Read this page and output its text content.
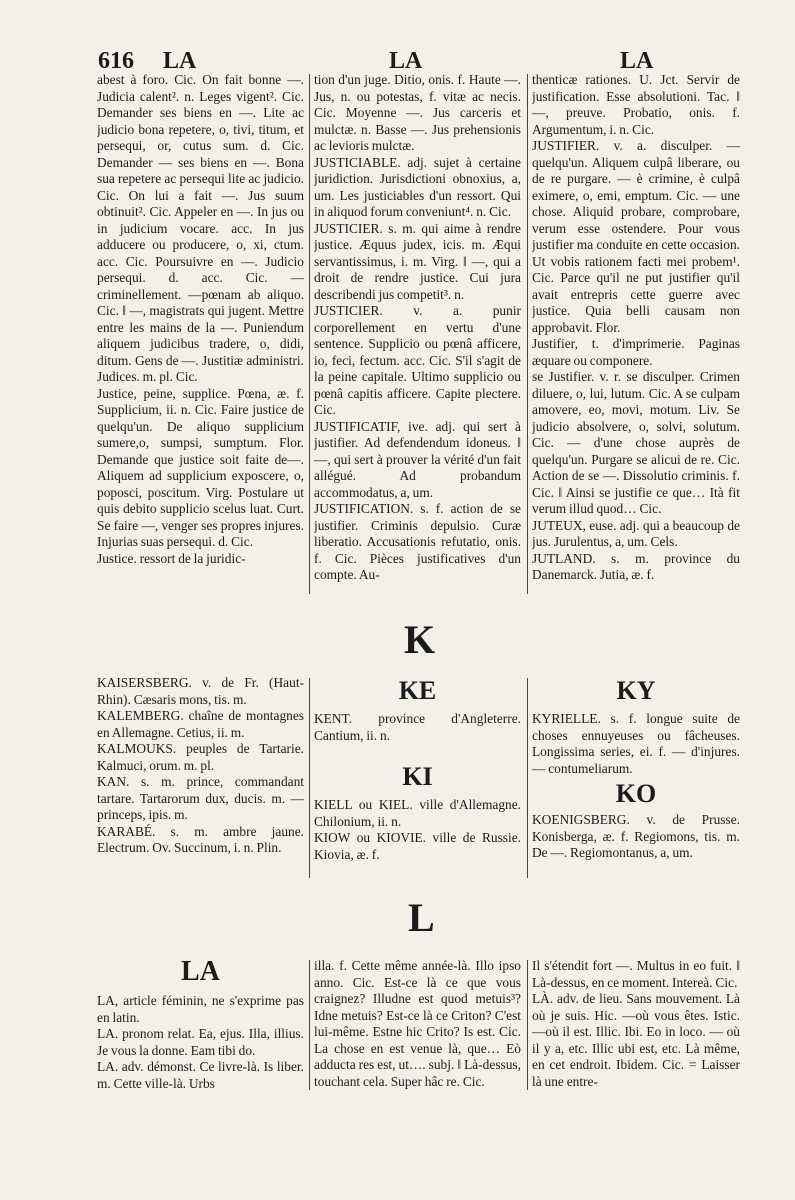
616 LA	LA	LA

abest à foro. Cic. On fait bonne —. Judicia calent². n. Leges vigent². Cic. Demander ses biens en —. Lite ac judicio bona repetere, o, tivi, titum, et persequi, or, cutus sum. d. Cic. Demander — ses biens en —. Bona sua repetere ac persequi lite ac judicio. Cic. On lui a fait —. Jus suum obtinuit². Cic. Appeler en —. In jus ou in judicium vocare. acc. In jus adducere ou producere, o, xi, ctum. acc. Cic. Poursuivre en —. Judicio persequi. d. acc. Cic. —criminellement. —pœnam ab aliquo. Cic. ‖ —, magistrats qui jugent. Mettre entre les mains de la —. Puniendum aliquem judicibus tradere, o, didi, ditum. Gens de —. Justitiæ administri. Judices. m. pl. Cic.

Justice, peine, supplice. Pœna, æ. f. Supplicium, ii. n. Cic. Faire justice de quelqu'un. De aliquo supplicium sumere,o, sumpsi, sumptum. Flor. Demande que justice soit faite de—. Aliquem ad supplicium exposcere, o, poposci, poscitum. Virg. Postulare ut quis debito supplicio scelus luat. Curt. Se faire —, venger ses propres injures. Injurias suas persequi. d. Cic.

Justice. ressort de la juridic-

tion d'un juge. Ditio, onis. f. Haute —. Jus, n. ou potestas, f. vitæ ac necis. Cic. Moyenne —. Jus carceris et mulctæ. n. Basse —. Jus prehensionis ac levioris mulctæ.

JUSTICIABLE. adj. sujet à certaine juridiction. Jurisdictioni obnoxius, a, um. Les justiciables d'un ressort. Qui in aliquod forum conveniunt⁴. n. Cic.

JUSTICIER. s. m. qui aime à rendre justice. Æquus judex, icis. m. Æqui servantissimus, i. m. Virg. ‖ —, qui a droit de rendre justice. Cui jura describendi jus competit³. n.

JUSTICIER. v. a. punir corporellement en vertu d'une sentence. Supplicio ou pœnâ afficere, io, feci, fectum. acc. Cic. S'il s'agit de la peine capitale. Ultimo supplicio ou pœnâ capitis afficere. Capite plectere. Cic.

JUSTIFICATIF, ive. adj. qui sert à justifier. Ad defendendum idoneus. ‖ —, qui sert à prouver la vérité d'un fait allégué. Ad probandum accommodatus, a, um.

JUSTIFICATION. s. f. action de se justifier. Criminis depulsio. Curæ liberatio. Accusationis refutatio, onis. f. Cic. Pièces justificatives d'un compte. Au-

thenticæ rationes. U. Jct. Servir de justification. Esse absolutioni. Tac. ‖ —, preuve. Probatio, onis. f. Argumentum, i. n. Cic.

JUSTIFIER. v. a. disculper. — quelqu'un. Aliquem culpâ liberare, ou de re purgare. — è crimine, è culpâ eximere, o, emi, emptum. Cic. — une chose. Aliquid probare, comprobare, verum esse ostendere. Pour vous justifier ma conduite en cette occasion. Ut vobis rationem facti mei probem¹. Cic. Parce qu'il ne put justifier qu'il avait entrepris cette guerre avec justice. Quia belli causam non approbavit. Flor.

Justifier, t. d'imprimerie. Paginas æquare ou componere.

se Justifier. v. r. se disculper. Crimen diluere, o, lui, lutum. Cic. A se culpam amovere, eo, movi, motum. Liv. Se judicio absolvere, o, solvi, solutum. Cic. — d'une chose auprès de quelqu'un. Purgare se alicui de re. Cic. Action de se —. Dissolutio criminis. f. Cic. ‖ Ainsi se justifie ce que… Ità fit verum illud quod… Cic.

JUTEUX, euse. adj. qui a beaucoup de jus. Jurulentus, a, um. Cels.

JUTLAND. s. m. province du Danemarck. Jutia, æ. f.

K

KAISERSBERG. v. de Fr. (Haut-Rhin). Cæsaris mons, tis. m.

KALEMBERG. chaîne de montagnes en Allemagne. Cetius, ii. m.

KALMOUKS. peuples de Tartarie. Kalmuci, orum. m. pl.

KAN. s. m. prince, commandant tartare. Tartarorum dux, ducis. m. — princeps, ipis. m.

KARABÉ. s. m. ambre jaune. Electrum. Ov. Succinum, i. n. Plin.

KE

KENT. province d'Angleterre. Cantium, ii. n.

KI

KIELL ou KIEL. ville d'Allemagne. Chilonium, ii. n.

KIOW ou KIOVIE. ville de Russie. Kiovia, æ. f.

KY

KYRIELLE. s. f. longue suite de choses ennuyeuses ou fâcheuses. Longissima series, ei. f. — d'injures. — contumeliarum.

KO

KOENIGSBERG. v. de Prusse. Konisberga, æ. f. Regiomons, tis. m. De —. Regiomontanus, a, um.

L
LA

LA, article féminin, ne s'exprime pas en latin.

LA. pronom relat. Ea, ejus. Illa, illius. Je vous la donne. Eam tibi do.

LA. adv. démonst. Ce livre-là. Is liber. m. Cette ville-là. Urbs

illa. f. Cette même année-là. Illo ipso anno. Cic. Est-ce là ce que vous craignez? Illudne est quod metuis³? Idne metuis? Est-ce là ce Criton? C'est lui-même. Estne hic Crito? Is est. Cic. La chose en est venue là, que… Eò adducta res est, ut…. subj. ‖ Là-dessus, touchant cela. Super hâc re. Cic.

Il s'étendit fort —. Multus in eo fuit. ‖ Là-dessus, en ce moment. Intereà. Cic.

LÀ. adv. de lieu. Sans mouvement. Là où je suis. Hic. —où vous êtes. Istic. —où il est. Illic. Ibi. Eo in loco. — où il y a, etc. Illic ubi est, etc. Là même, en cet endroit. Ibidem. Cic. = Laisser là une entre-
